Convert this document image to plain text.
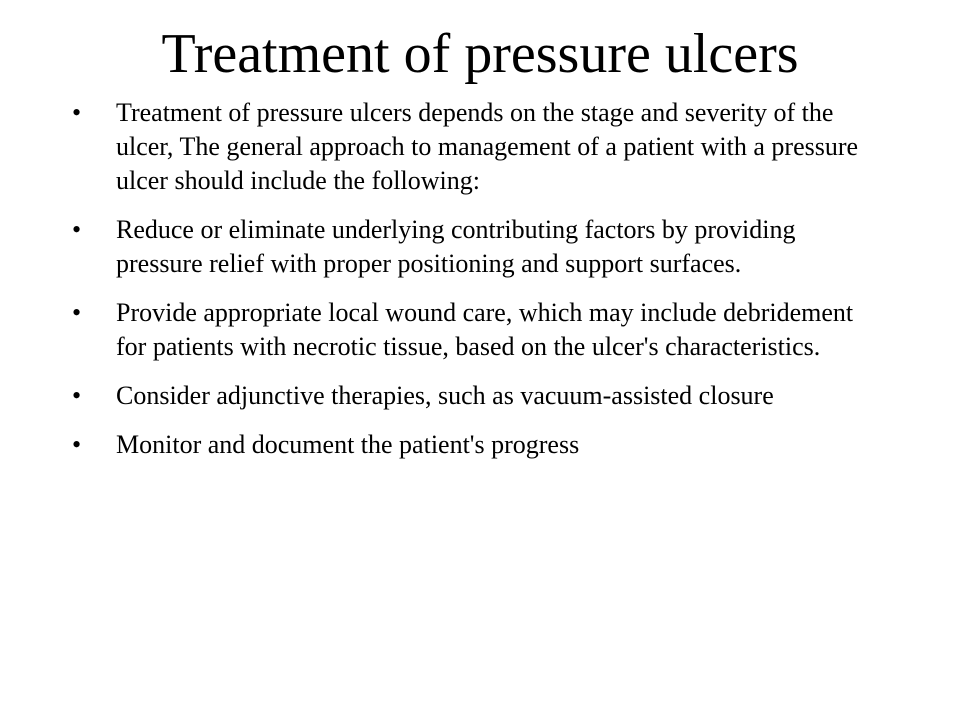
Treatment of pressure ulcers
•	Treatment of pressure ulcers depends on the stage and severity of the ulcer, The general approach to management of a patient with a pressure ulcer should include the following:
•	Reduce or eliminate underlying contributing factors by providing pressure relief with proper positioning and support surfaces.
•	Provide appropriate local wound care, which may include debridement for patients with necrotic tissue, based on the ulcer's characteristics.
•	Consider adjunctive therapies, such as vacuum-assisted closure
•	Monitor and document the patient's progress
